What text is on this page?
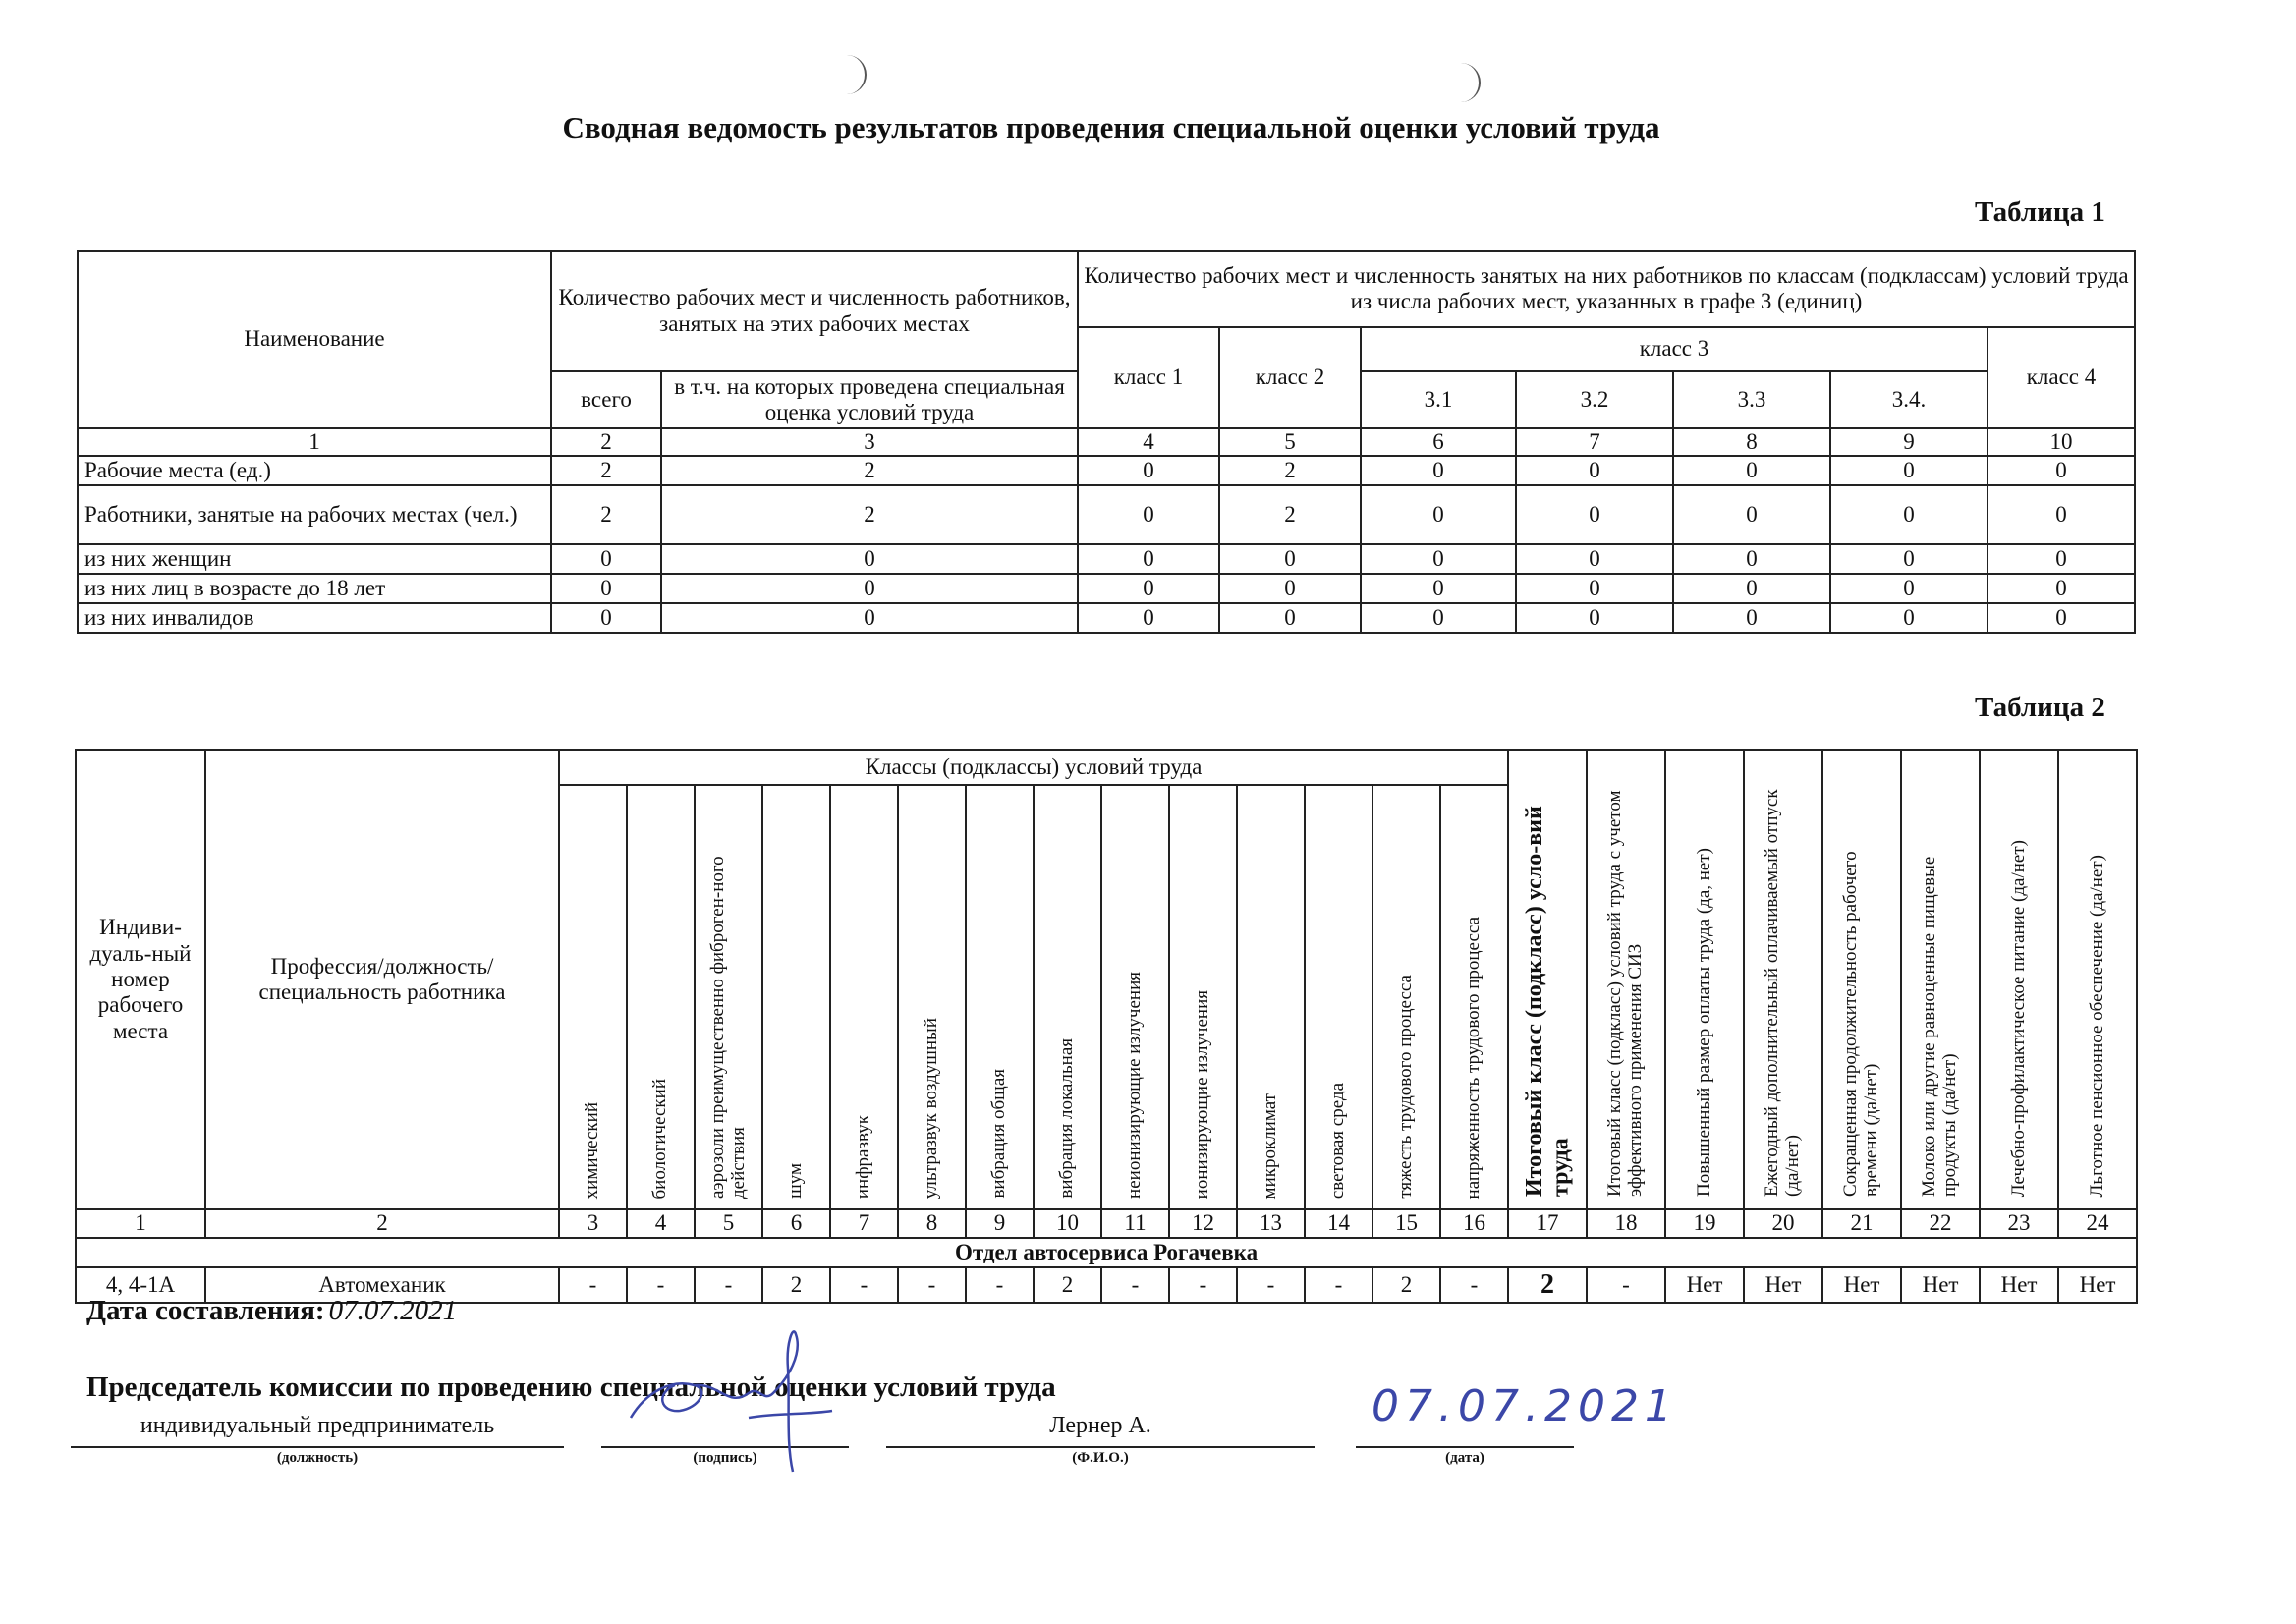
Сводная ведомость результатов проведения специальной оценки условий труда
Таблица 1
Наименование	Количество рабочих мест и численность работников, занятых на этих рабочих местах		Количество рабочих мест и численность занятых на них работников по классам (подклассам) условий труда из числа рабочих мест, указанных в графе 3 (единиц)						
			класс 1	класс 2	класс 3				класс 4
	всего	в т.ч. на которых проведена специальная оценка условий труда			3.1	3.2	3.3	3.4.	
1	2	3	4	5	6	7	8	9	10
Рабочие места (ед.)	2	2	0	2	0	0	0	0	0
Работники, занятые на рабочих местах (чел.)	2	2	0	2	0	0	0	0	0
из них женщин	0	0	0	0	0	0	0	0	0
из них лиц в возрасте до 18 лет	0	0	0	0	0	0	0	0	0
из них инвалидов	0	0	0	0	0	0	0	0	0
Таблица 2
Индиви-дуаль-ный номер рабочего места	Профессия/должность/ специальность работника	Классы (подклассы) условий труда														Итоговый класс (подкласс) усло-вий труда	Итоговый класс (подкласс) условий труда с учетом эффективного применения СИЗ	Повышенный размер оплаты труда (да, нет)	Ежегодный дополнительный оплачиваемый отпуск (да/нет)	Сокращенная продолжительность рабочего времени (да/нет)	Молоко или другие равноценные пищевые продукты (да/нет)	Лечебно-профилактическое питание (да/нет)	Льготное пенсионное обеспечение (да/нет)
		химический	биологический	аэрозоли преимущественно фиброген-ного действия	шум	инфразвук	ультразвук воздушный	вибрация общая	вибрация локальная	неионизирующие излучения	ионизирующие излучения	микроклимат	световая среда	тяжесть трудового процесса	напряженность трудового процесса								
1	2	3	4	5	6	7	8	9	10	11	12	13	14	15	16	17	18	19	20	21	22	23	24
Отдел автосервиса Рогачевка																							
4, 4-1А	Автомеханик	-	-	-	2	-	-	-	2	-	-	-	-	2	-	2	-	Нет	Нет	Нет	Нет	Нет	Нет
Дата составления: 07.07.2021
Председатель комиссии по проведению специальной оценки условий труда
индивидуальный предприниматель
(должность)	(подпись)
Лернер А.
(Ф.И.О.)
07.07.2021
(дата)
